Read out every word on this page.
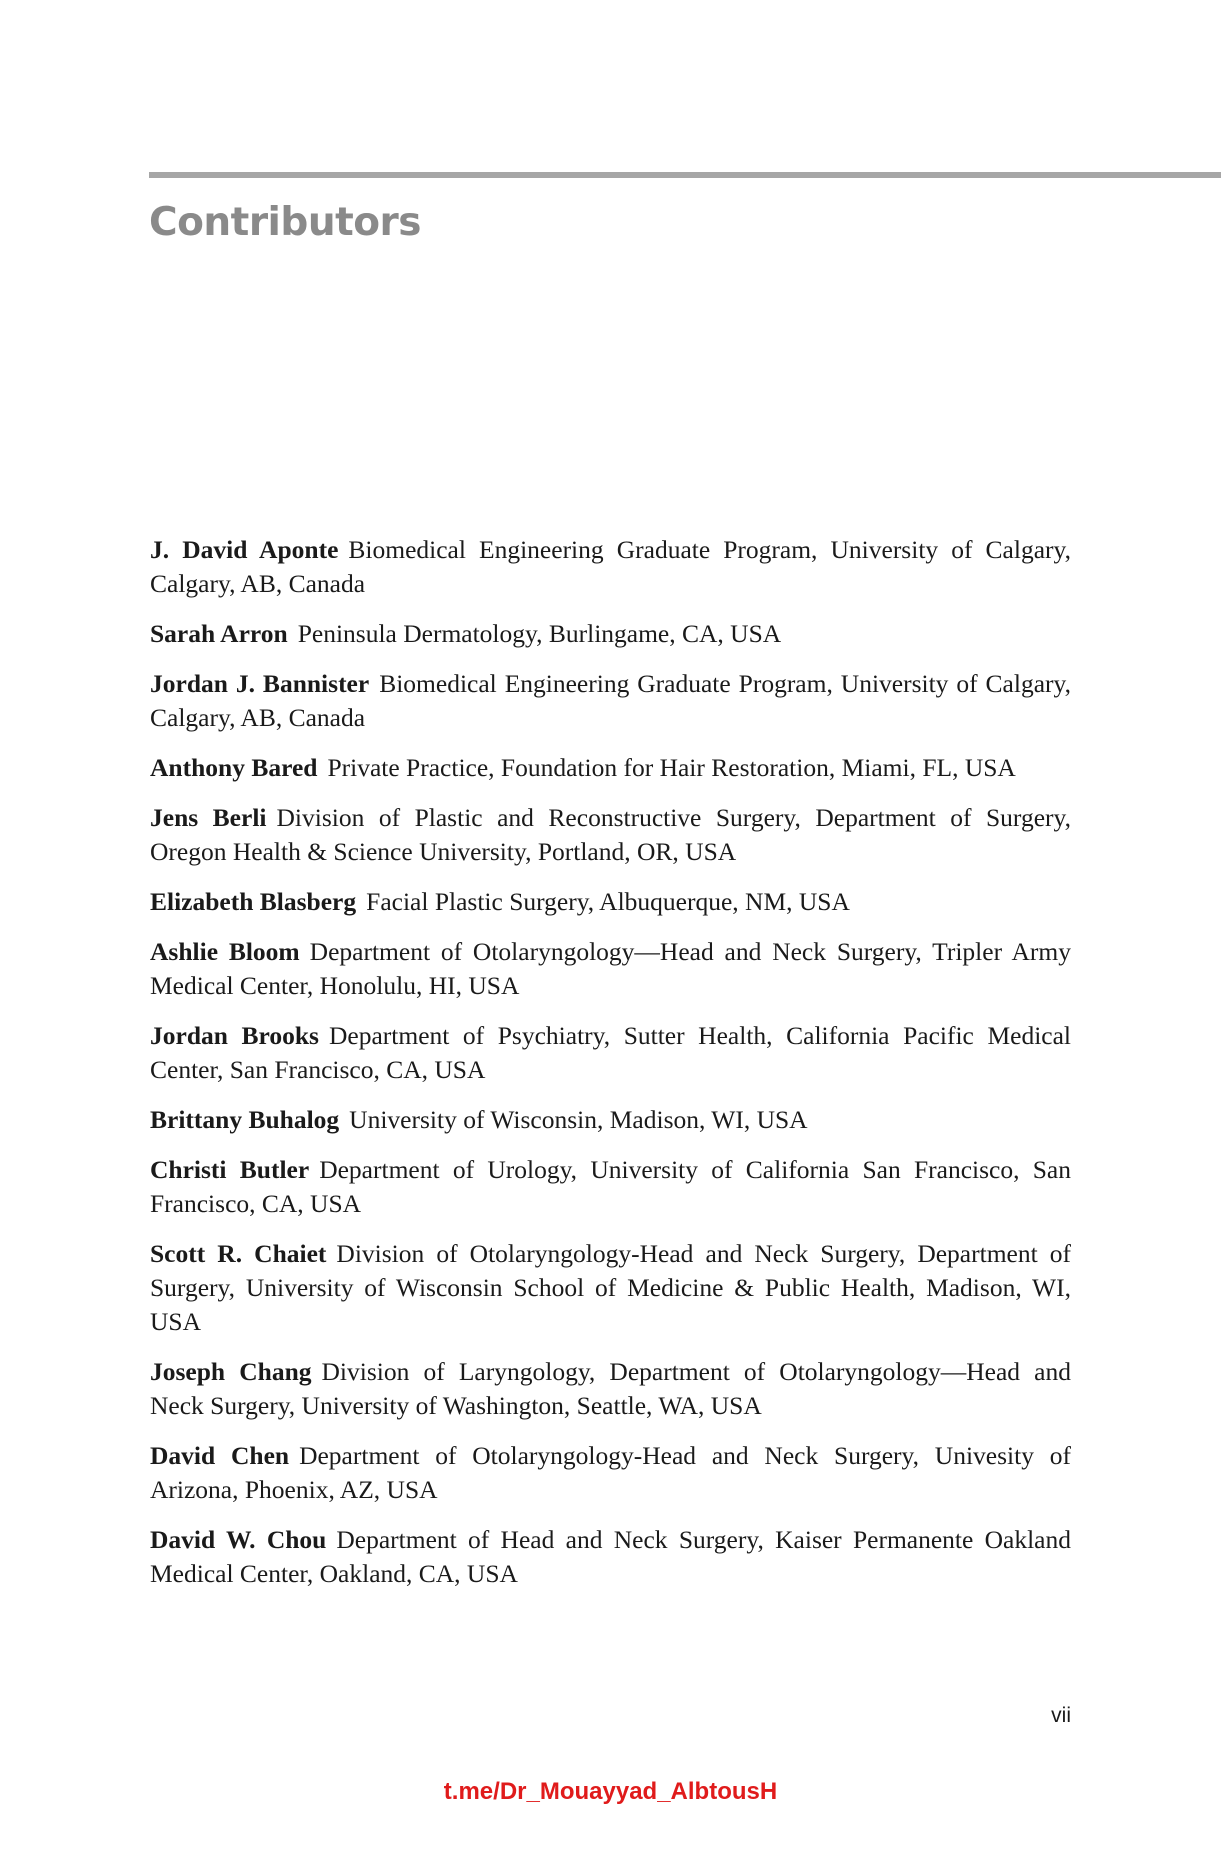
Contributors

J. David Aponte Biomedical Engineering Graduate Program, University of Calgary, Calgary, AB, Canada

Sarah Arron Peninsula Dermatology, Burlingame, CA, USA

Jordan J. Bannister Biomedical Engineering Graduate Program, University of Calgary, Calgary, AB, Canada

Anthony Bared Private Practice, Foundation for Hair Restoration, Miami, FL, USA

Jens Berli Division of Plastic and Reconstructive Surgery, Department of Surgery, Oregon Health & Science University, Portland, OR, USA

Elizabeth Blasberg Facial Plastic Surgery, Albuquerque, NM, USA

Ashlie Bloom Department of Otolaryngology—Head and Neck Surgery, Tripler Army Medical Center, Honolulu, HI, USA

Jordan Brooks Department of Psychiatry, Sutter Health, California Pacific Medical Center, San Francisco, CA, USA

Brittany Buhalog University of Wisconsin, Madison, WI, USA

Christi Butler Department of Urology, University of California San Francisco, San Francisco, CA, USA

Scott R. Chaiet Division of Otolaryngology-Head and Neck Surgery, Department of Surgery, University of Wisconsin School of Medicine & Public Health, Madison, WI, USA

Joseph Chang Division of Laryngology, Department of Otolaryngology—Head and Neck Surgery, University of Washington, Seattle, WA, USA

David Chen Department of Otolaryngology-Head and Neck Surgery, Univesity of Arizona, Phoenix, AZ, USA

David W. Chou Department of Head and Neck Surgery, Kaiser Permanente Oakland Medical Center, Oakland, CA, USA

vii
t.me/Dr_Mouayyad_AlbtousH
